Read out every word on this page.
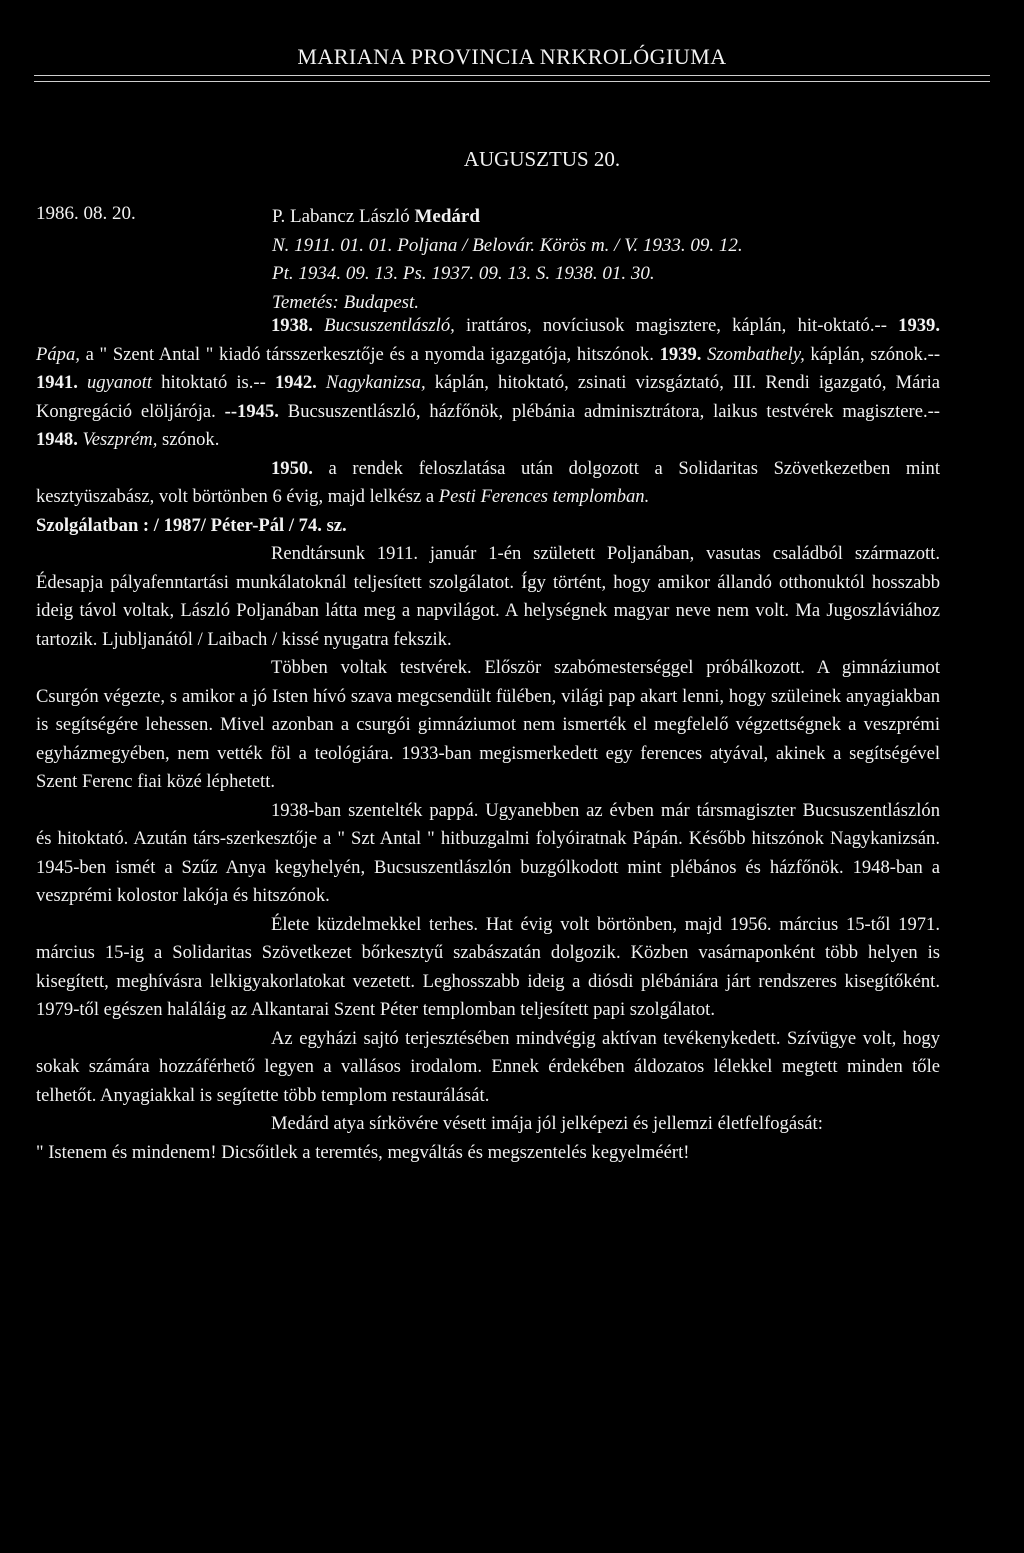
MARIANA PROVINCIA NRKROLÓGIUMA
AUGUSZTUS 20.
1986. 08. 20.	P. Labancz László Medárd
N. 1911. 01. 01. Poljana / Belovár. Körös m. / V. 1933. 09. 12.
Pt. 1934. 09. 13. Ps. 1937. 09. 13. S. 1938. 01. 30.
Temetés: Budapest.

1938. Bucsuszentlászló, irattáros, novíciusok magisztere, káplán, hit-oktató.-- 1939. Pápa, a " Szent Antal " kiadó társszerkesztője és a nyomda igazgatója, hitszónok. 1939. Szombathely, káplán, szónok.-- 1941. ugyanott hitoktató is.-- 1942. Nagykanizsa, káplán, hitoktató, zsinati vizsgáztató, III. Rendi igazgató, Mária Kongregáció elöljárója. --1945. Bucsuszentlászló, házfőnök, plébánia adminisztrátora, laikus testvérek magisztere.-- 1948. Veszprém, szónok.

1950. a rendek feloszlatása után dolgozott a Solidaritas Szövetkezetben mint kesztyüszabász, volt börtönben 6 évig, majd lelkész a Pesti Ferences templomban.

Szolgálatban : / 1987/ Péter-Pál / 74. sz.

Rendtársunk 1911. január 1-én született Poljanában, vasutas családból származott. Édesapja pályafenntartási munkálatoknál teljesített szolgálatot. Így történt, hogy amikor állandó otthonuktól hosszabb ideig távol voltak, László Poljanában látta meg a napvilágot. A helységnek magyar neve nem volt. Ma Jugoszláviához tartozik. Ljubljanától / Laibach / kissé nyugatra fekszik.

Többen voltak testvérek. Először szabómesterséggel próbálkozott. A gimnáziumot Csurgón végezte, s amikor a jó Isten hívó szava megcsendült fülében, világi pap akart lenni, hogy szüleinek anyagiakban is segítségére lehessen. Mivel azonban a csurgói gimnáziumot nem ismerték el megfelelő végzettségnek a veszprémi egyházmegyében, nem vették föl a teológiára. 1933-ban megismerkedett egy ferences atyával, akinek a segítségével Szent Ferenc fiai közé léphetett.

1938-ban szentelték pappá. Ugyanebben az évben már társmagiszter Bucsuszentlászlón és hitoktató. Azután társ-szerkesztője a " Szt Antal " hitbuzgalmi folyóiratnak Pápán. Később hitszónok Nagykanizsán. 1945-ben ismét a Szűz Anya kegyhelyén, Bucsuszentlászlón buzgólkodott mint plébános és házfőnök. 1948-ban a veszprémi kolostor lakója és hitszónok.

Élete küzdelmekkel terhes. Hat évig volt börtönben, majd 1956. március 15-től 1971. március 15-ig a Solidaritas Szövetkezet bőrkesztyű szabászatán dolgozik. Közben vasárnaponként több helyen is kisegített, meghívásra lelkigyakorlatokat vezetett. Leghosszabb ideig a diósdi plébániára járt rendszeres kisegítőként. 1979-től egészen haláláig az Alkantarai Szent Péter templomban teljesített papi szolgálatot.

Az egyházi sajtó terjesztésében mindvégig aktívan tevékenykedett. Szívügye volt, hogy sokak számára hozzáférhető legyen a vallásos irodalom. Ennek érdekében áldozatos lélekkel megtett minden tőle telhetőt. Anyagiakkal is segítette több templom restaurálását.

Medárd atya sírkövére vésett imája jól jelképezi és jellemzi életfelfogását:

" Istenem és mindenem! Dicsőitlek a teremtés, megváltás és megszentelés kegyelméért!
